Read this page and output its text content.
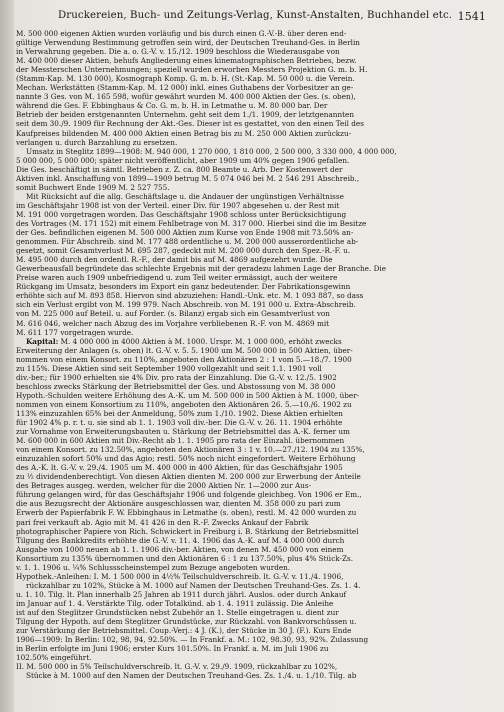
Druckereien, Buch- und Zeitungs-Verlag, Kunst-Anstalten, Buchhandel etc. 1541
M. 500 000 eigenen Aktien wurden vorläufig und bis durch einen G.-V.-B. über deren end-
gültige Verwendung Bestimmung getroffen sein wird, der Deutschen Treuhand-Ges. in Berlin
in Verwahrung gegeben. Die a. o. G.-V. v. 15./12. 1909 beschloss die Wiederausgabe von
M. 400 000 dieser Aktien, behufs Angliederung eines kinematographischen Betriebes, bezw.
der Messterschen Unternehmungen; speziell wurden erworben Messters Projektion G. m. b. H.
(Stamm-Kap. M. 130 000), Kosmograph Komp. G. m. b. H. (St.-Kap. M. 50 000 u. die Verein.
Mechan. Werkstätten (Stamm-Kap. M. 12 000) inkl. eines Guthabens der Vorbesitzer an ge-
nannte 3 Ges. von M. 165 598, wofür gewährt wurden M. 400 000 Aktien der Ges. (s. oben),
während die Ges. F. Ebbinghaus & Co. G. m. b. H. in Letmathe u. M. 80 000 bar. Der
Betrieb der beiden erstgenannten Unternehm. geht seit dem 1./1. 1909, der letztgenannten
seit dem 30./9. 1909 für Rechnung der Akt.-Ges. Dieser ist es gestattet, von den einen Teil des
Kaufpreises bildenden M. 400 000 Aktien einen Betrag bis zu M. 250 000 Aktien zurückzu-
verlangen u. durch Barzahlung zu ersetzen.
Umsatz in Steglitz 1899—1908: M. 940 000, 1 270 000, 1 810 000, 2 500 000, 3 330 000, 4 000 000,
5 000 000, 5 000 000; später nicht veröffentlicht, aber 1909 um 40% gegen 1906 gefallen.
Die Ges. beschäftigt in sämtl. Betrieben z. Z. ca. 800 Beamte u. Arb. Der Kostenwert der
Aktiven inkl. Anschaffung von 1899—1909 betrug M. 5 074 046 bei M. 2 546 291 Abschreib.,
somit Buchwert Ende 1909 M. 2 527 755.
Mit Rücksicht auf die allg. Geschäftslage u. die Andauer der ungünstigen Verhältnisse
im Geschäftsjahr 1908 ist von der Verteil. einer Div. für 1907 abgesehen u. der Rest mit
M. 191 000 vorgetragen worden. Das Geschäftsjahr 1908 schloss unter Berücksichtigung
des Vortrages (M. 171 152) mit einem Fehlbetrage von M. 317 000. Hierbei sind die im Besitze
der Ges. befindlichen eigenen M. 500 000 Aktien zum Kurse von Ende 1908 mit 73.50% an-
genommen. Für Abschreib. sind M. 177 488 ordentliche u. M. 200 000 ausserordentliche ab-
gesetzt, somit Gesamtverlust M. 695 287, gedeckt mit M. 200 000 durch den Spez.-R.-F. u.
M. 495 000 durch den ordentl. R.-F., der damit bis auf M. 4869 aufgezehrt wurde. Die
Gewerbeausfall begründete das schlechte Ergebnis mit der geradezu lahmen Lage der Branche. Die
Preise waren auch 1909 unbefriedigend u. zum Teil weiter ermässigt, auch der weitere
Rückgang im Umsatz, besonders im Export ein ganz bedeutender. Der Fabrikationsgewinn
erhöhte sich auf M. 893 858. Hiervon sind abzuziehen: Handl.-Unk. etc. M. 1 093 887, so dass
sich ein Verlust ergibt von M. 199 979. Nach Abschreib. von M. 191 000 u. Extra-Abschreib.
von M. 225 000 auf Beteil. u. auf Forder. (s. Bilanz) ergab sich ein Gesamtverlust von
M. 616 046, welcher nach Abzug des im Vorjahre verbliebenen R.-F. von M. 4869 mit
M. 611 177 vorgetragen wurde.
Kapital: M. 4 000 000 in 4000 Aktien à M. 1000. Urspr. M. 1 000 000, erhöht zwecks
Erweiterung der Anlagen (s. oben) lt. G.-V. v. 5. 5. 1900 um M. 500 000 in 500 Aktien, über-
nommen von einem Konsort. zu 110%, angeboten den Aktionären 2 : 1 vom 5.—18./7. 1900
zu 115%. Diese Aktien sind seit September 1900 vollgezahlt und seit 1.1. 1901 voll
div.-ber.; für 1900 erhielten sie 4% Div. pro rata der Einzahlung. Die G.-V. v. 12./5. 1902
beschloss zwecks Stärkung der Betriebsmittel der Ges. und Abstossung von M. 38 000
Hypoth.-Schulden weitere Erhöhung des A.-K. um M. 500 000 in 500 Aktien à M. 1000, über-
nommen von einem Konsortium zu 110%, angeboten den Aktionären 26. 5.—10./6. 1902 zu
113% einzuzahlen 65% bei der Anmeldung, 50% zum 1./10. 1902. Diese Aktien erhielten
für 1902 4% p. r. t. u. sie sind ab 1. 1. 1903 voll div.-ber. Die G.-V. v. 26. 11. 1904 erhöhte
zur Vornahme von Erweiterungsbauten u. Stärkung der Betriebsmittel das A.-K. ferner um
M. 600 000 in 600 Aktien mit Div.-Recht ab 1. 1. 1905 pro rata der Einzahl. übernommen
von einem Konsort. zu 132.50%, angeboten den Aktionären 3 : 1 v. 10.—27./12. 1904 zu 135%,
einzuzahlen sofort 50% und das Agio; restl. 50% noch nicht eingefordert. Weitere Erhöhung
des A.-K. lt. G.-V. v. 29./4. 1905 um M. 400 000 in 400 Aktien, für das Geschäftsjahr 1905
zu ½ dividendenberechtigt. Von diesen Aktien dienten M. 200 000 zur Erwerbung der Anteile
des Betrages ausgeg. werden, welcher für die 2000 Aktien Nr. 1—2000 zur Aus-
führung gelangen wird, für das Geschäftsjahr 1906 und folgende gleichbeg. Von 1906 er Em.,
die aus Bezugsrecht der Aktionäre ausgeschlossen war, dienten M. 358 000 zu pari zum
Erwerb der Papierfabrik F. W. Ebbinghaus in Letmathe (s. oben), restl. M. 42 000 wurden zu
pari frei verkauft ab. Agio mit M. 41 426 in den R.-F. Zwecks Ankauf der Fabrik
photographischer Papiere von Rich. Schwickert in Freiburg i. B. Stärkung der Betriebsmittel
Tilgung des Bankkredits erhöhte die G.-V. v. 11. 4. 1906 das A.-K. auf M. 4 000 000 durch
Ausgabe von 1000 neuen ab 1. 1. 1906 div.-ber. Aktien, von denen M. 450 000 von einem
Konsortium zu 135% übernommen und den Aktionären 6 : 1 zu 137.50%, plus 4% Stück-Zs.
v. 1. 1. 1906 u. ¼% Schlussscheinstempel zum Bezuge angeboten wurden.
Hypothek.-Anleihen: I. M. 1 500 000 in 4½% Teilschuldverschreib. lt. G.-V. v. 11./4. 1906,
rückzahlbar zu 102%, Stücke à M. 1000 auf Namen der Deutschen Treuhand-Ges. Zs. 1. 4.
u. 1. 10. Tilg. lt. Plan innerhalb 25 Jahren ab 1911 durch jährl. Auslos. oder durch Ankauf
im Januar auf 1. 4. Verstärkte Tilg. oder Totalkünd. ab 1. 4. 1911 zulässig. Die Anleihe
ist auf den Steglitzer Grundstücken nebst Zubehör an 1. Stelle eingetragen u. dient zur
Tilgung der Hypoth. auf dem Steglitzer Grundstücke, zur Rückzahl. von Bankvorschüssen u.
zur Verstärkung der Betriebsmittel. Coup.-Verj.: 4 J. (K.), der Stücke in 30 J. (F.). Kurs Ende
1906—1909: In Berlin: 102, 98, 94, 92.50%. — In Frankf. a. M.: 102, 98.30, 93, 92%. Zulassung
in Berlin erfolgte im Juni 1906; erster Kurs 101.50%. In Frankf. a. M. im Juli 1906 zu
102.50% eingeführt.
II. M. 500 000 in 5% Teilschuldverschreib. lt. G.-V. v. 29./9. 1909, rückzahlbar zu 102%,
Stücke à M. 1000 auf den Namen der Deutschen Treuhand-Ges. Zs. 1./4. u. 1./10. Tilg. ab
